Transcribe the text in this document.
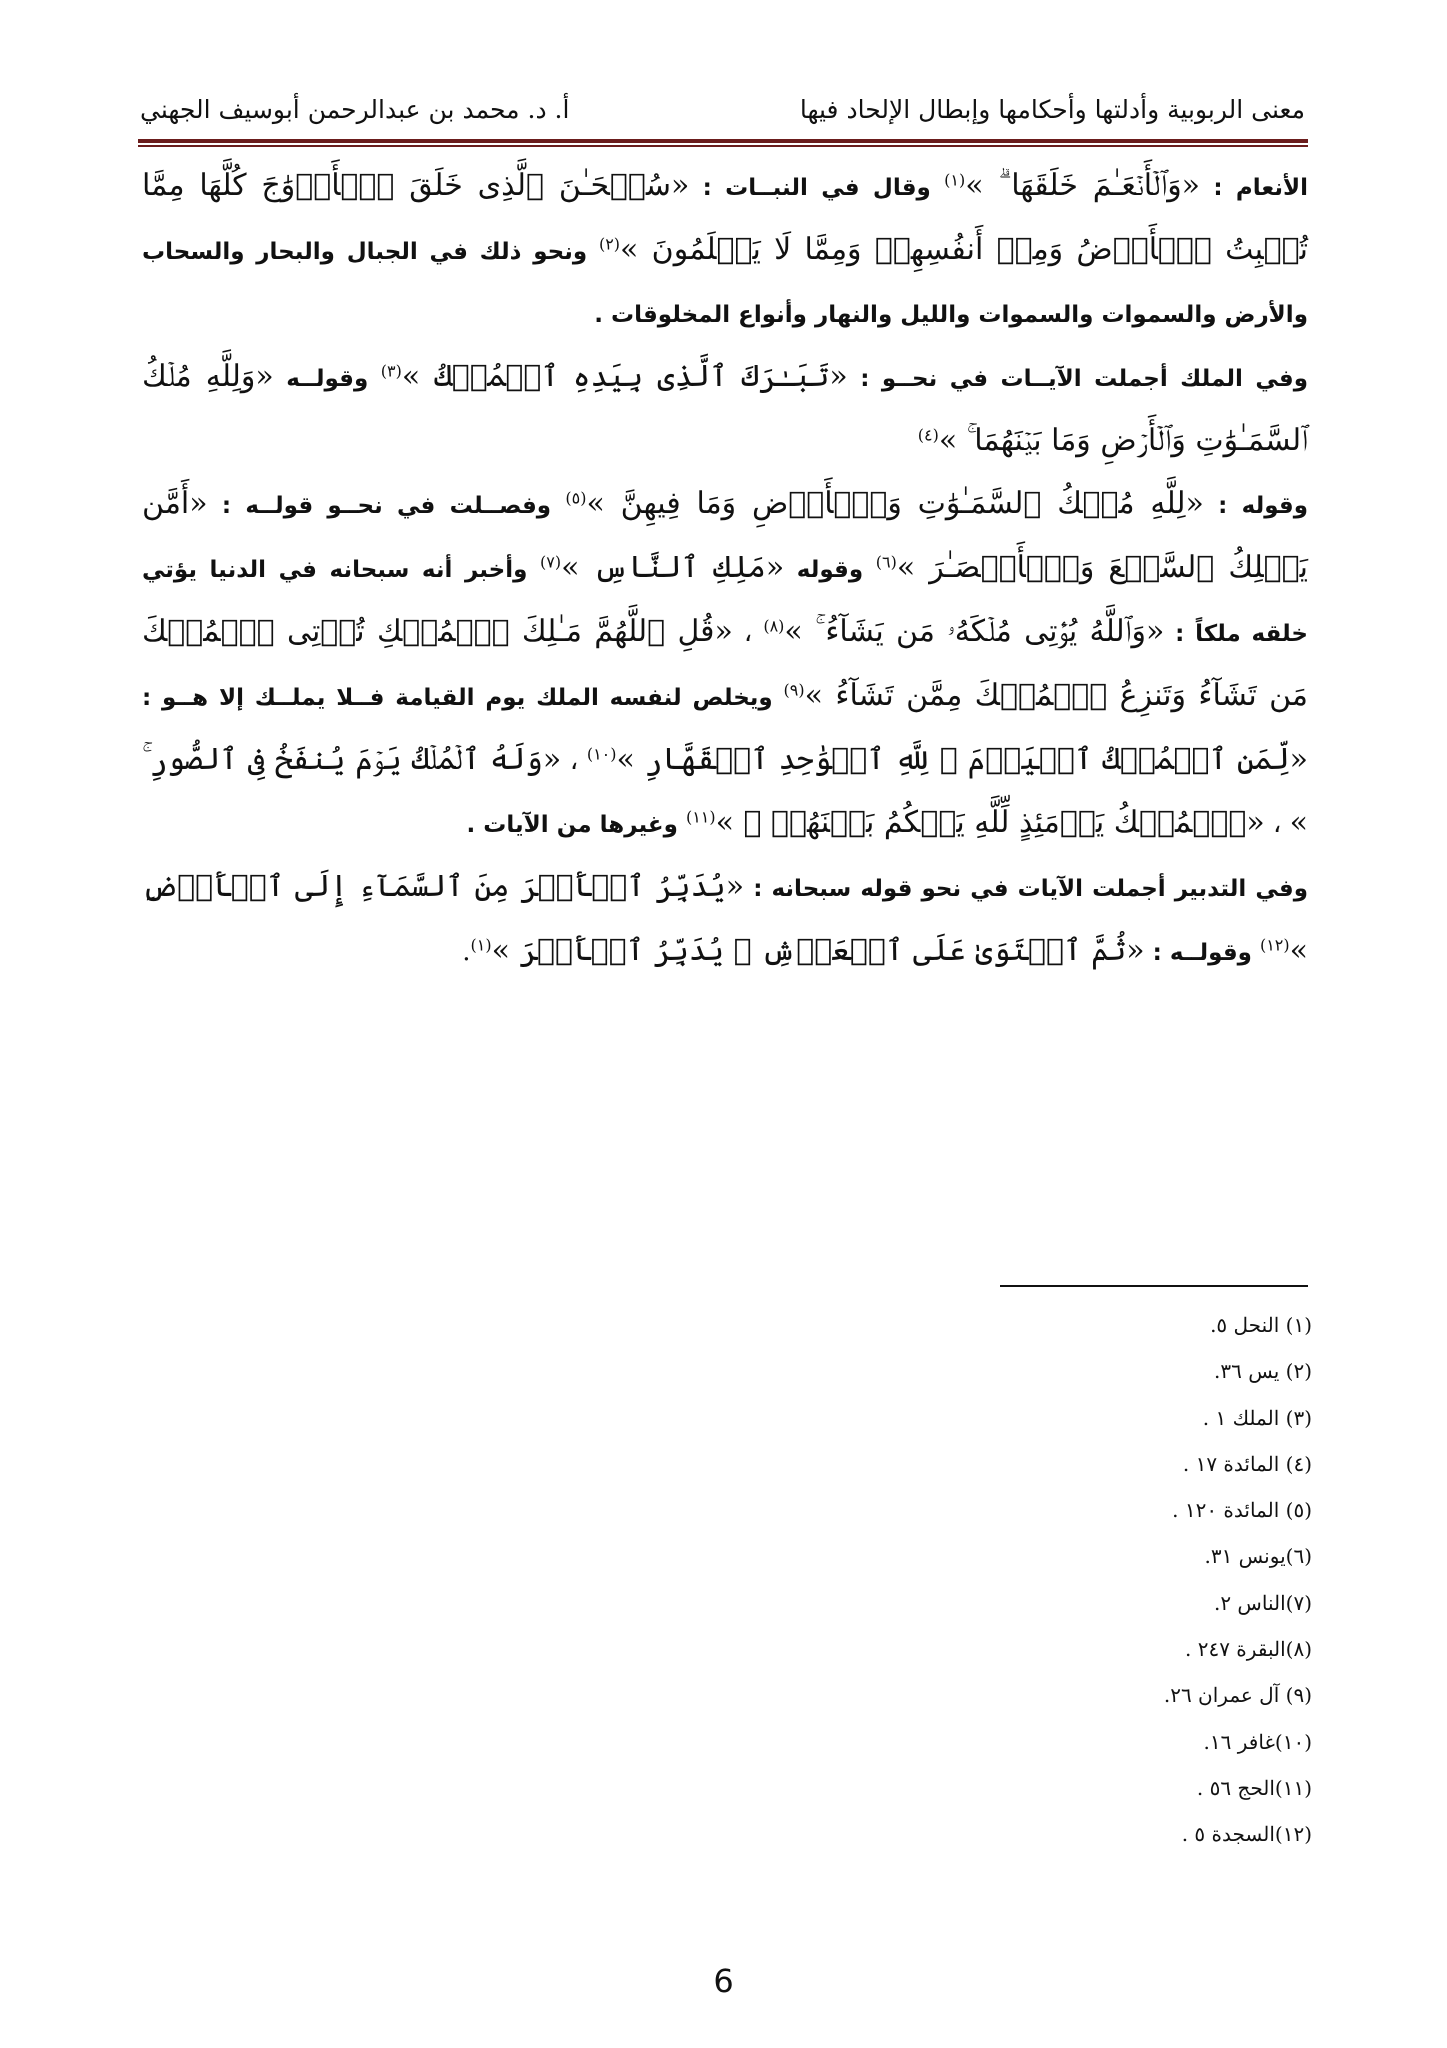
معنى الربوبية وأدلتها وأحكامها وإبطال الإلحاد فيها
أ. د. محمد بن عبدالرحمن أبوسيف الجهني

الأنعام : «وَٱلۡأَنۡعَـٰمَ خَلَقَهَا ۗ »$^{(١)}$ وقال في النبــات : «سُبۡحَـٰنَ ٱلَّذِى خَلَقَ ٱلۡأَزۡوَٰجَ كُلَّهَا مِمَّا تُنۢبِتُ ٱلۡأَرۡضُ وَمِنۡ أَنفُسِهِمۡ وَمِمَّا لَا يَعۡلَمُونَ »$^{(٢)}$ ونحو ذلك في الجبال والبحار والسحاب والأرض والسموات والسموات والليل والنهار وأنواع المخلوقات .

وفي الملك أجملت الآيــات في نحــو : «تَبَـٰرَكَ ٱلَّذِى بِيَدِهِ ٱلۡمُلۡكُ »$^{(٣)}$ وقولــه «وَلِلَّهِ مُلۡكُ ٱلسَّمَـٰوَٰتِ وَٱلۡأَرۡضِ وَمَا بَيۡنَهُمَا ۚ »$^{(٤)}$

وقوله : «لِلَّهِ مُلۡكُ ٱلسَّمَـٰوَٰتِ وَٱلۡأَرۡضِ وَمَا فِيهِنَّ »$^{(٥)}$ وفصــلت في نحــو قولــه : «أَمَّن يَمۡلِكُ ٱلسَّمۡعَ وَٱلۡأَبۡصَـٰرَ »$^{(٦)}$ وقوله «مَلِكِ ٱلنَّاسِ »$^{(٧)}$ وأخبر أنه سبحانه في الدنيا يؤتي خلقه ملكاً : «وَٱللَّهُ يُؤۡتِى مُلۡكَهُۥ مَن يَشَآءُ ۚ »$^{(٨)}$ ، «قُلِ ٱللَّهُمَّ مَـٰلِكَ ٱلۡمُلۡكِ تُؤۡتِى ٱلۡمُلۡكَ مَن تَشَآءُ وَتَنزِعُ ٱلۡمُلۡكَ مِمَّن تَشَآءُ »$^{(٩)}$ ويخلص لنفسه الملك يوم القيامة فــلا يملــك إلا هــو : «لِّمَنِ ٱلۡمُلۡكُ ٱلۡيَوۡمَ ۖ لِلَّهِ ٱلۡوَٰحِدِ ٱلۡقَهَّارِ »$^{(١٠)}$ ، «وَلَهُ ٱلۡمُلۡكُ يَوۡمَ يُنفَخُ فِى ٱلصُّورِ ۚ » ، «ٱلۡمُلۡكُ يَوۡمَئِذٍ لِّلَّهِ يَحۡكُمُ بَيۡنَهُمۡ ۚ »$^{(١١)}$ وغيرها من الآيات .

وفي التدبير أجملت الآيات في نحو قوله سبحانه : «يُدَبِّرُ ٱلۡأَمۡرَ مِنَ ٱلسَّمَآءِ إِلَى ٱلۡأَرۡضِ »$^{(١٢)}$ وقولــه : «ثُمَّ ٱسۡتَوَىٰ عَلَى ٱلۡعَرۡشِ ۖ يُدَبِّرُ ٱلۡأَمۡرَ »$^{(١)}$.

(١) النحل ٥.
(٢) يس ٣٦.
(٣) الملك ١ .
(٤) المائدة ١٧ .
(٥) المائدة ١٢٠ .
(٦)يونس ٣١.
(٧)الناس ٢.
(٨)البقرة ٢٤٧ .
(٩) آل عمران ٢٦.
(١٠)غافر ١٦.
(١١)الحج ٥٦ .
(١٢)السجدة ٥ .
6
